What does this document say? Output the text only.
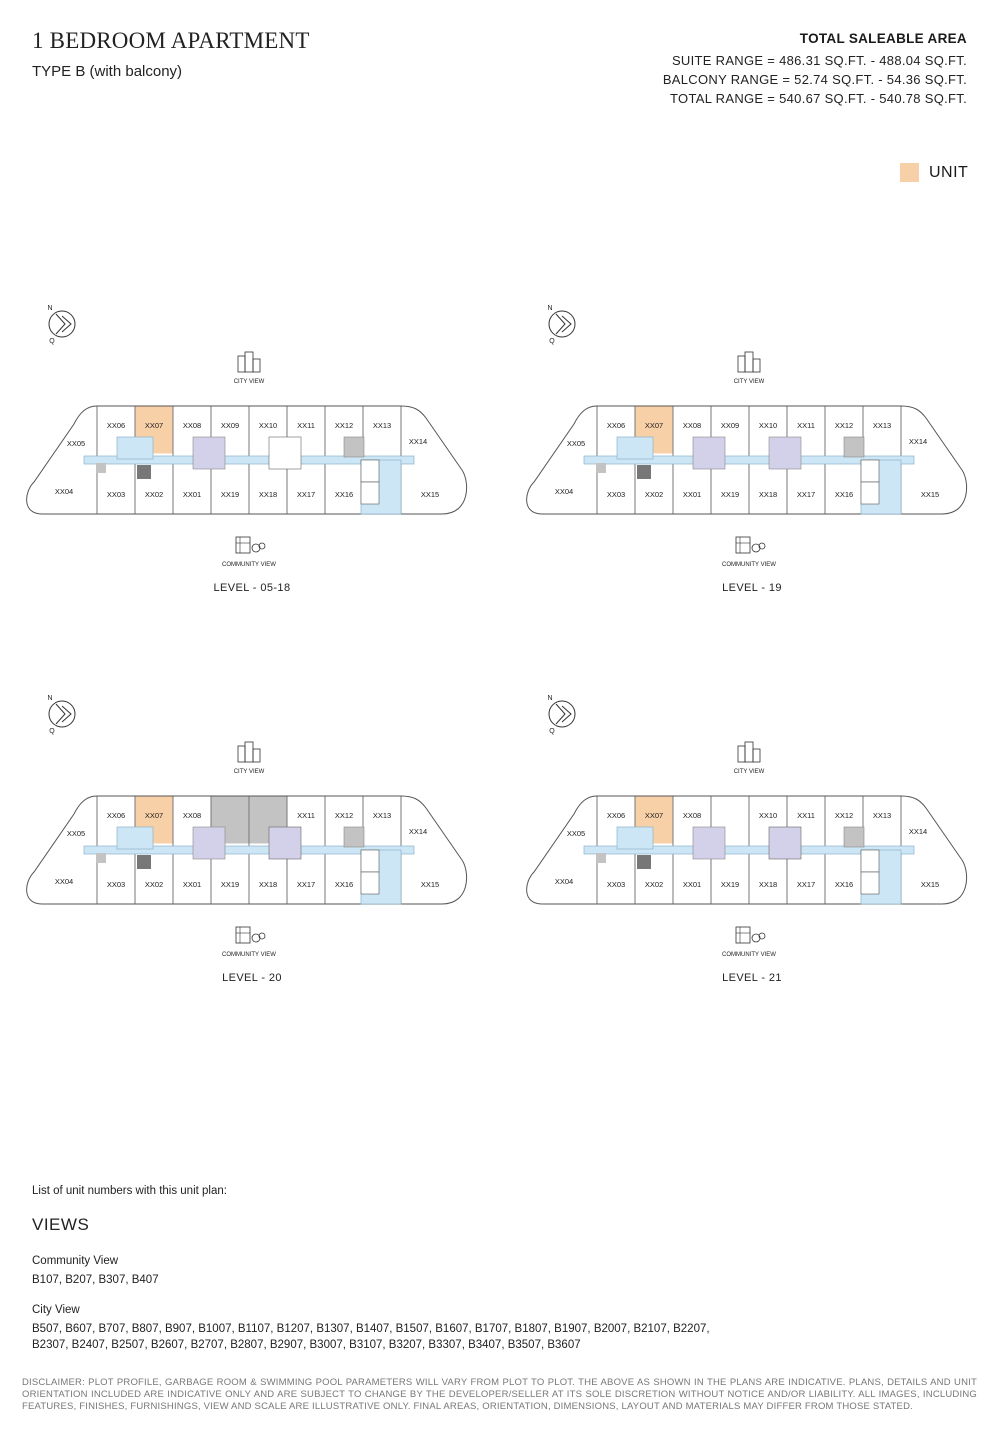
1 BEDROOM APARTMENT
TYPE B (with balcony)
TOTAL SALEABLE AREA
SUITE RANGE = 486.31 SQ.FT. - 488.04 SQ.FT.
BALCONY RANGE = 52.74 SQ.FT. - 54.36 SQ.FT.
TOTAL RANGE = 540.67 SQ.FT. - 540.78 SQ.FT.
UNIT
N
Q
CITY VIEW
XX06	XX07	XX08	XX09	XX10	XX11	XX12	XX13
XX03	XX02	XX01	XX19	XX18	XX17	XX16
XX05
XX04
XX14
XX15
COMMUNITY VIEW
LEVEL - 05-18
N
Q
CITY VIEW
XX06	XX07	XX08	XX09	XX10	XX11	XX12	XX13
XX03	XX02	XX01	XX19	XX18	XX17	XX16
XX05
XX04
XX14
XX15
COMMUNITY VIEW
LEVEL - 19
N
Q
CITY VIEW
XX06	XX07	XX08	XX11	XX12	XX13
XX03	XX02	XX01	XX19	XX18	XX17	XX16
XX05
XX04
XX14
XX15
COMMUNITY VIEW
LEVEL - 20
N
Q
CITY VIEW
XX06	XX07	XX08	XX10	XX11	XX12	XX13
XX03	XX02	XX01	XX19	XX18	XX17	XX16
XX05
XX04
XX14
XX15
COMMUNITY VIEW
LEVEL - 21
List of unit numbers with this unit plan:
VIEWS
Community View
B107, B207, B307, B407
City View
B507, B607, B707, B807, B907, B1007, B1107, B1207, B1307, B1407, B1507, B1607, B1707, B1807, B1907, B2007, B2107, B2207, B2307, B2407, B2507, B2607, B2707, B2807, B2907, B3007, B3107, B3207, B3307, B3407, B3507, B3607
DISCLAIMER: PLOT PROFILE, GARBAGE ROOM & SWIMMING POOL PARAMETERS WILL VARY FROM PLOT TO PLOT. THE ABOVE AS SHOWN IN THE PLANS ARE INDICATIVE. PLANS, DETAILS AND UNIT ORIENTATION INCLUDED ARE INDICATIVE ONLY AND ARE SUBJECT TO CHANGE BY THE DEVELOPER/SELLER AT ITS SOLE DISCRETION WITHOUT NOTICE AND/OR LIABILITY. ALL IMAGES, INCLUDING FEATURES, FINISHES, FURNISHINGS, VIEW AND SCALE ARE ILLUSTRATIVE ONLY. FINAL AREAS, ORIENTATION, DIMENSIONS, LAYOUT AND MATERIALS MAY DIFFER FROM THOSE STATED.
